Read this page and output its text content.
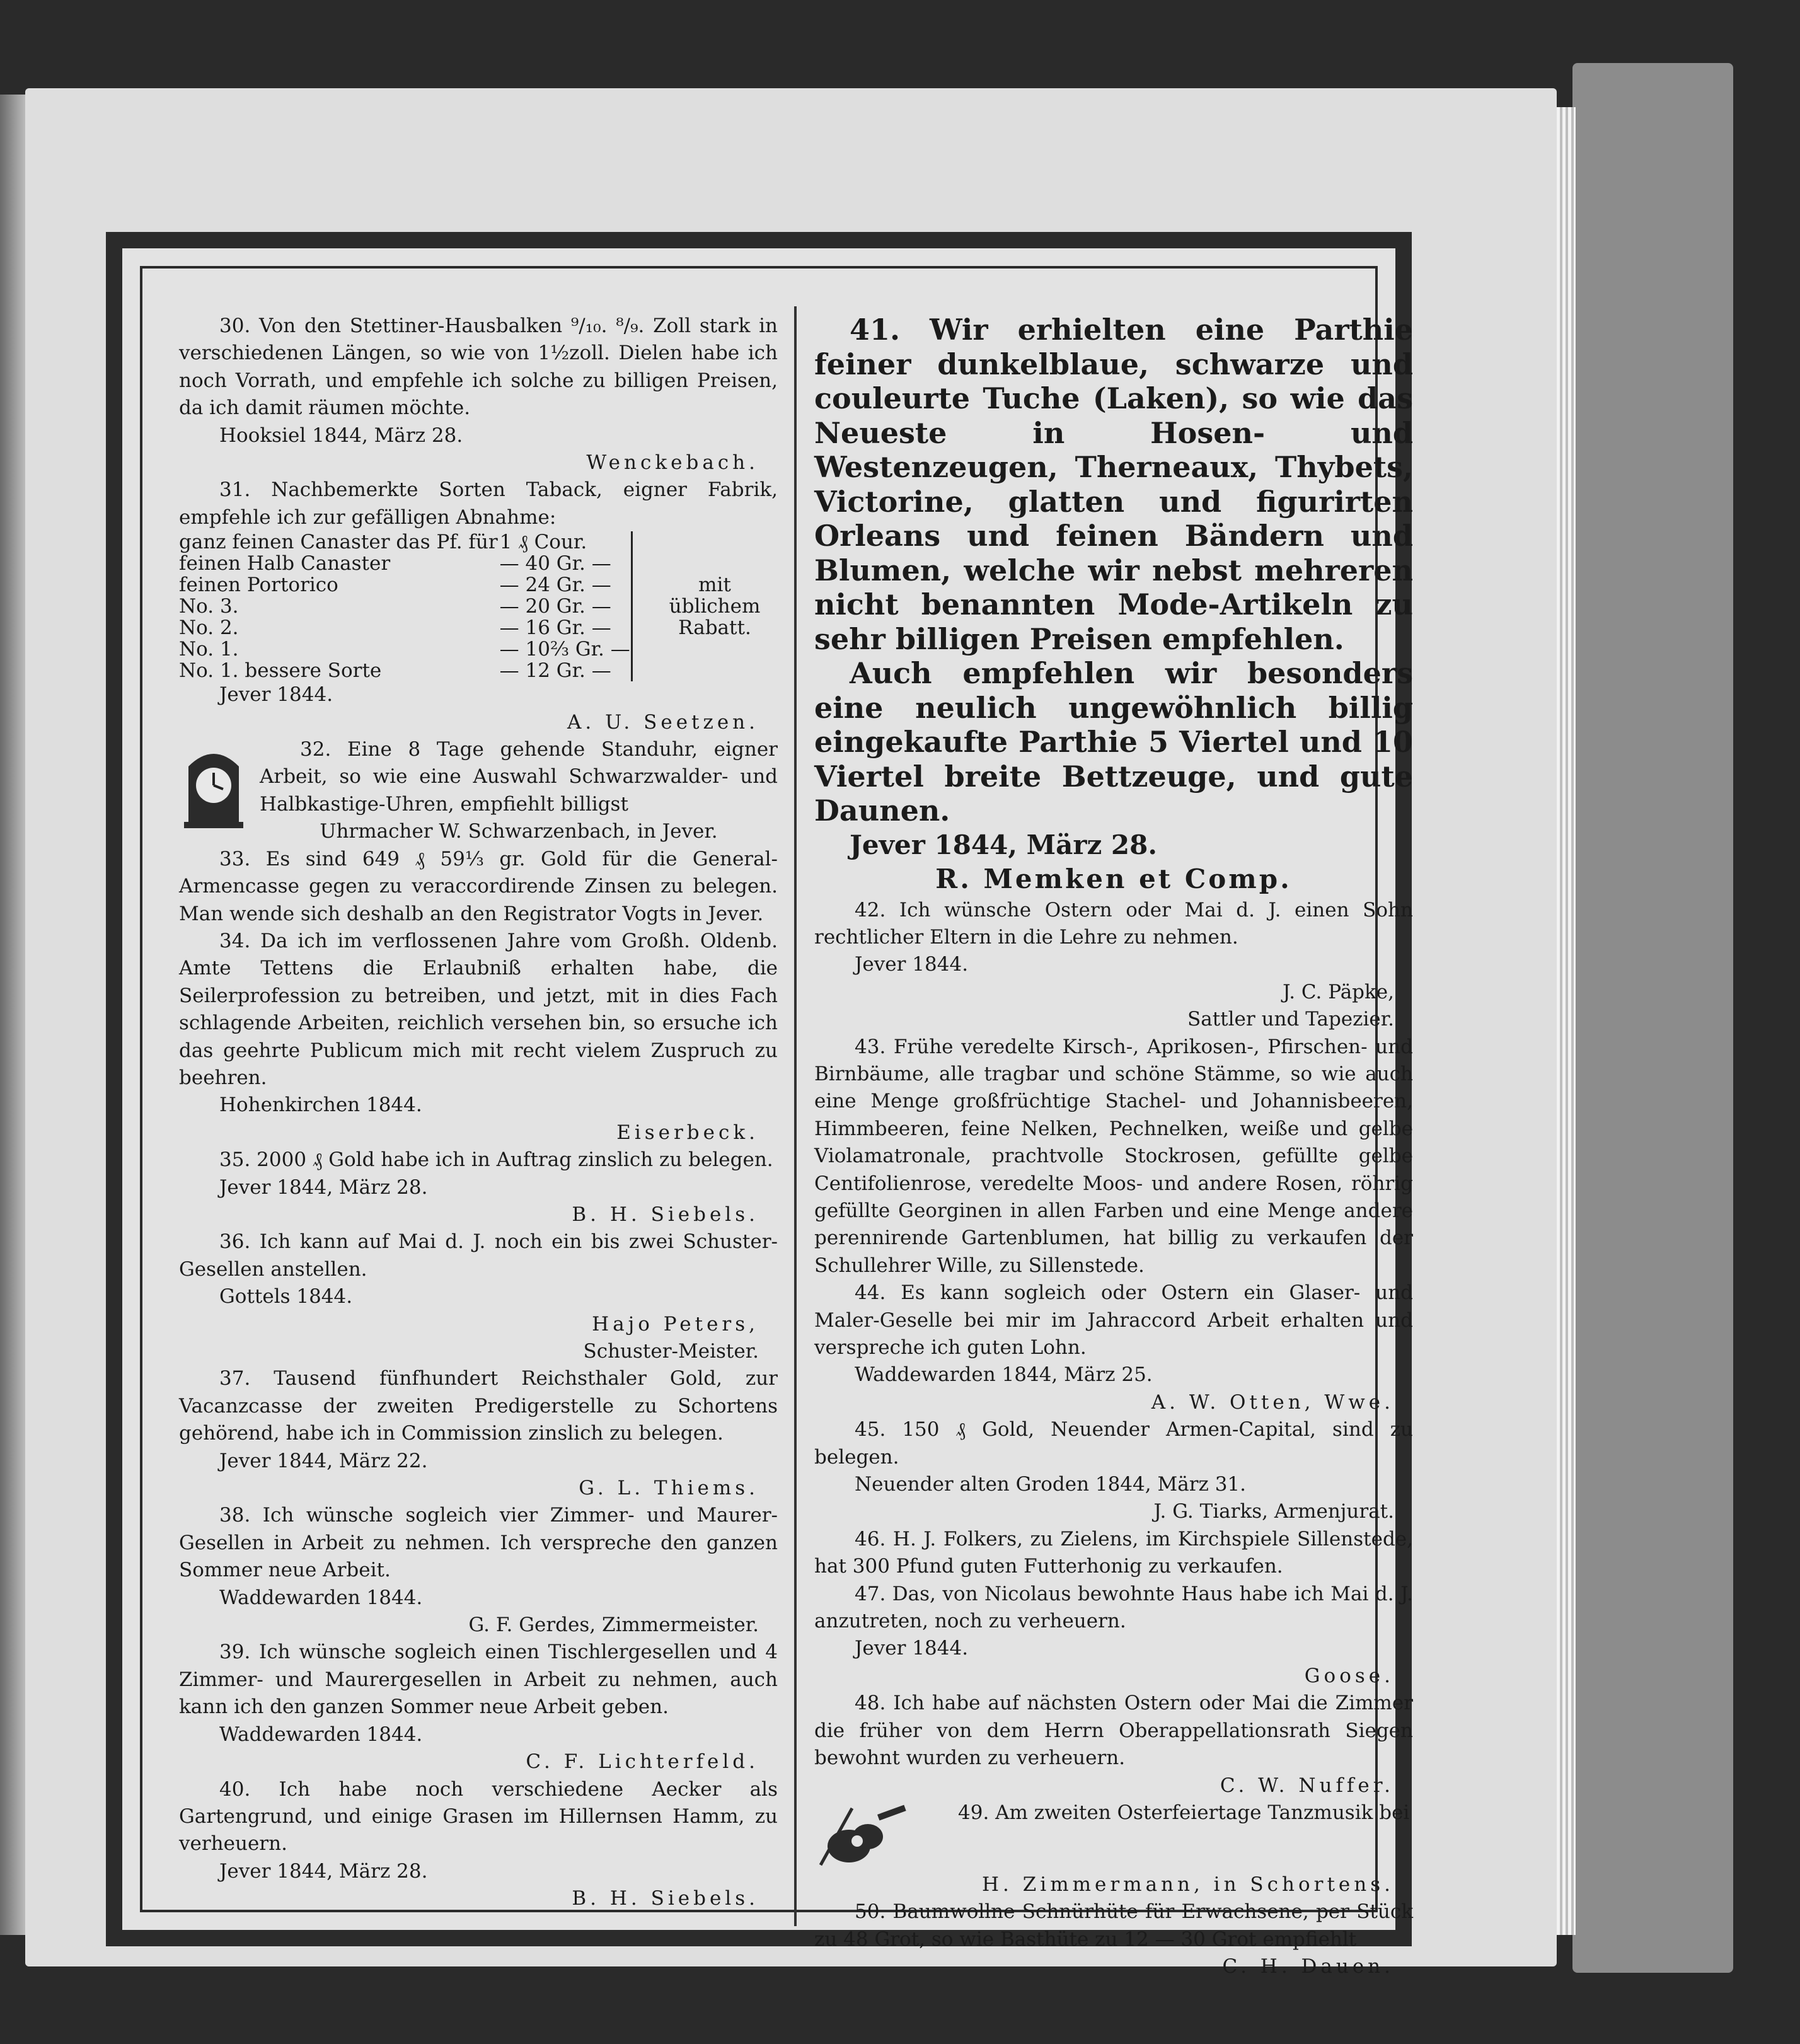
30. Von den Stettiner-Hausbalken ⁹/₁₀. ⁸/₉. Zoll stark in verschiedenen Längen, so wie von 1½zoll. Dielen habe ich noch Vorrath, und empfehle ich solche zu billigen Preisen, da ich damit räumen möchte.

Hooksiel 1844, März 28.

Wenckebach.

31. Nachbemerkte Sorten Taback, eigner Fabrik, empfehle ich zur gefälligen Abnahme:

ganz feinen Canaster das Pf. für	1 ₰ Cour.		mit üblichem Rabatt.
feinen Halb Canaster	— 40 Gr. —		
feinen Portorico	— 24 Gr. —		
No. 3.	— 20 Gr. —		
No. 2.	— 16 Gr. —		
No. 1.	— 10⅔ Gr. —		
No. 1. bessere Sorte	— 12 Gr. —		

Jever 1844.

A. U. Seetzen.

32. Eine 8 Tage gehende Standuhr, eigner Arbeit, so wie eine Auswahl Schwarzwalder- und Halbkastige-Uhren, empfiehlt billigst

Uhrmacher W. Schwarzenbach, in Jever.

33. Es sind 649 ₰ 59⅓ gr. Gold für die General-Armencasse gegen zu veraccordirende Zinsen zu belegen. Man wende sich deshalb an den Registrator Vogts in Jever.

34. Da ich im verflossenen Jahre vom Großh. Oldenb. Amte Tettens die Erlaubniß erhalten habe, die Seilerprofession zu betreiben, und jetzt, mit in dies Fach schlagende Arbeiten, reichlich versehen bin, so ersuche ich das geehrte Publicum mich mit recht vielem Zuspruch zu beehren.

Hohenkirchen 1844.

Eiserbeck.

35. 2000 ₰ Gold habe ich in Auftrag zinslich zu belegen.

Jever 1844, März 28.

B. H. Siebels.

36. Ich kann auf Mai d. J. noch ein bis zwei Schuster-Gesellen anstellen.

Gottels 1844.

Hajo Peters,

Schuster-Meister.

37. Tausend fünfhundert Reichsthaler Gold, zur Vacanzcasse der zweiten Predigerstelle zu Schortens gehörend, habe ich in Commission zinslich zu belegen.

Jever 1844, März 22.

G. L. Thiems.

38. Ich wünsche sogleich vier Zimmer- und Maurer-Gesellen in Arbeit zu nehmen. Ich verspreche den ganzen Sommer neue Arbeit.

Waddewarden 1844.

G. F. Gerdes, Zimmermeister.

39. Ich wünsche sogleich einen Tischlergesellen und 4 Zimmer- und Maurergesellen in Arbeit zu nehmen, auch kann ich den ganzen Sommer neue Arbeit geben.

Waddewarden 1844.

C. F. Lichterfeld.

40. Ich habe noch verschiedene Aecker als Gartengrund, und einige Grasen im Hillernsen Hamm, zu verheuern.

Jever 1844, März 28.

B. H. Siebels.

41. Wir erhielten eine Parthie feiner dunkelblaue, schwarze und couleurte Tuche (Laken), so wie das Neueste in Hosen- und Westenzeugen, Therneaux, Thybets, Victorine, glatten und figurirten Orleans und feinen Bändern und Blumen, welche wir nebst mehreren nicht benannten Mode-Artikeln zu sehr billigen Preisen empfehlen.

Auch empfehlen wir besonders eine neulich ungewöhnlich billig eingekaufte Parthie 5 Viertel und 10 Viertel breite Bettzeuge, und gute Daunen.

Jever 1844, März 28.

R. Memken et Comp.

42. Ich wünsche Ostern oder Mai d. J. einen Sohn rechtlicher Eltern in die Lehre zu nehmen.

Jever 1844.

J. C. Päpke,

Sattler und Tapezier.

43. Frühe veredelte Kirsch-, Aprikosen-, Pfirschen- und Birnbäume, alle tragbar und schöne Stämme, so wie auch eine Menge großfrüchtige Stachel- und Johannisbeeren, Himmbeeren, feine Nelken, Pechnelken, weiße und gelbe Violamatronale, prachtvolle Stockrosen, gefüllte gelbe Centifolienrose, veredelte Moos- und andere Rosen, röhrig gefüllte Georginen in allen Farben und eine Menge andere perennirende Gartenblumen, hat billig zu verkaufen der Schullehrer Wille, zu Sillenstede.

44. Es kann sogleich oder Ostern ein Glaser- und Maler-Geselle bei mir im Jahraccord Arbeit erhalten und verspreche ich guten Lohn.

Waddewarden 1844, März 25.

A. W. Otten, Wwe.

45. 150 ₰ Gold, Neuender Armen-Capital, sind zu belegen.

Neuender alten Groden 1844, März 31.

J. G. Tiarks, Armenjurat.

46. H. J. Folkers, zu Zielens, im Kirchspiele Sillenstede, hat 300 Pfund guten Futterhonig zu verkaufen.

47. Das, von Nicolaus bewohnte Haus habe ich Mai d. J. anzutreten, noch zu verheuern.

Jever 1844.

Goose.

48. Ich habe auf nächsten Ostern oder Mai die Zimmer die früher von dem Herrn Oberappellationsrath Siegen bewohnt wurden zu verheuern.

C. W. Nuffer.

49. Am zweiten Osterfeiertage Tanzmusik bei

H. Zimmermann, in Schortens.

50. Baumwollne Schnürhüte für Erwachsene, per Stück zu 48 Grot, so wie Basthüte zu 12 — 30 Grot empfiehlt

C. H. Dauen.
